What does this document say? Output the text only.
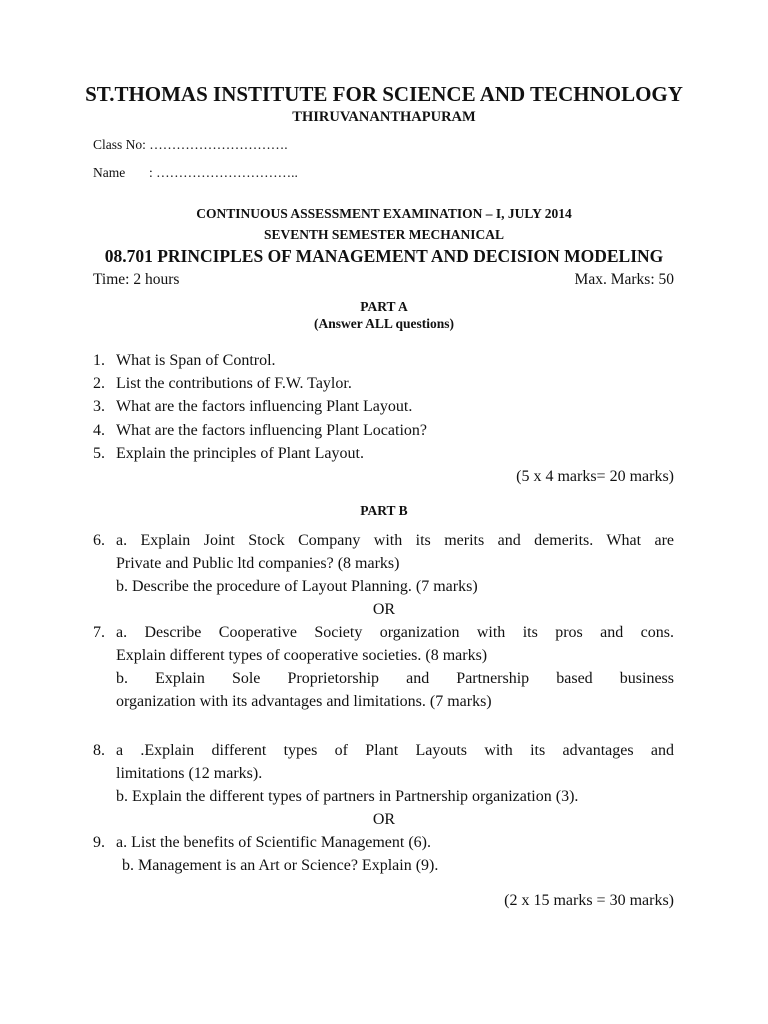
ST.THOMAS INSTITUTE FOR SCIENCE AND TECHNOLOGY
THIRUVANANTHAPURAM
Class No: ………………………….
Name : …………………………..
CONTINUOUS ASSESSMENT EXAMINATION – I, JULY 2014
SEVENTH SEMESTER MECHANICAL
08.701 PRINCIPLES OF MANAGEMENT AND DECISION MODELING
Time: 2 hours	Max. Marks: 50
PART A
(Answer ALL questions)
1. What is Span of Control.
2. List the contributions of F.W. Taylor.
3. What are the factors influencing Plant Layout.
4. What are the factors influencing Plant Location?
5. Explain the principles of Plant Layout.
(5 x 4 marks= 20 marks)
PART B
6. a. Explain Joint Stock Company with its merits and demerits. What are
Private and Public ltd companies? (8 marks)
b. Describe the procedure of Layout Planning. (7 marks)
OR
7. a. Describe Cooperative Society organization with its pros and cons.
Explain different types of cooperative societies. (8 marks)
b. Explain Sole Proprietorship and Partnership based business
organization with its advantages and limitations. (7 marks)
8. a .Explain different types of Plant Layouts with its advantages and
limitations (12 marks).
b. Explain the different types of partners in Partnership organization (3).
OR
9. a. List the benefits of Scientific Management (6).
b. Management is an Art or Science? Explain (9).
(2 x 15 marks = 30 marks)
